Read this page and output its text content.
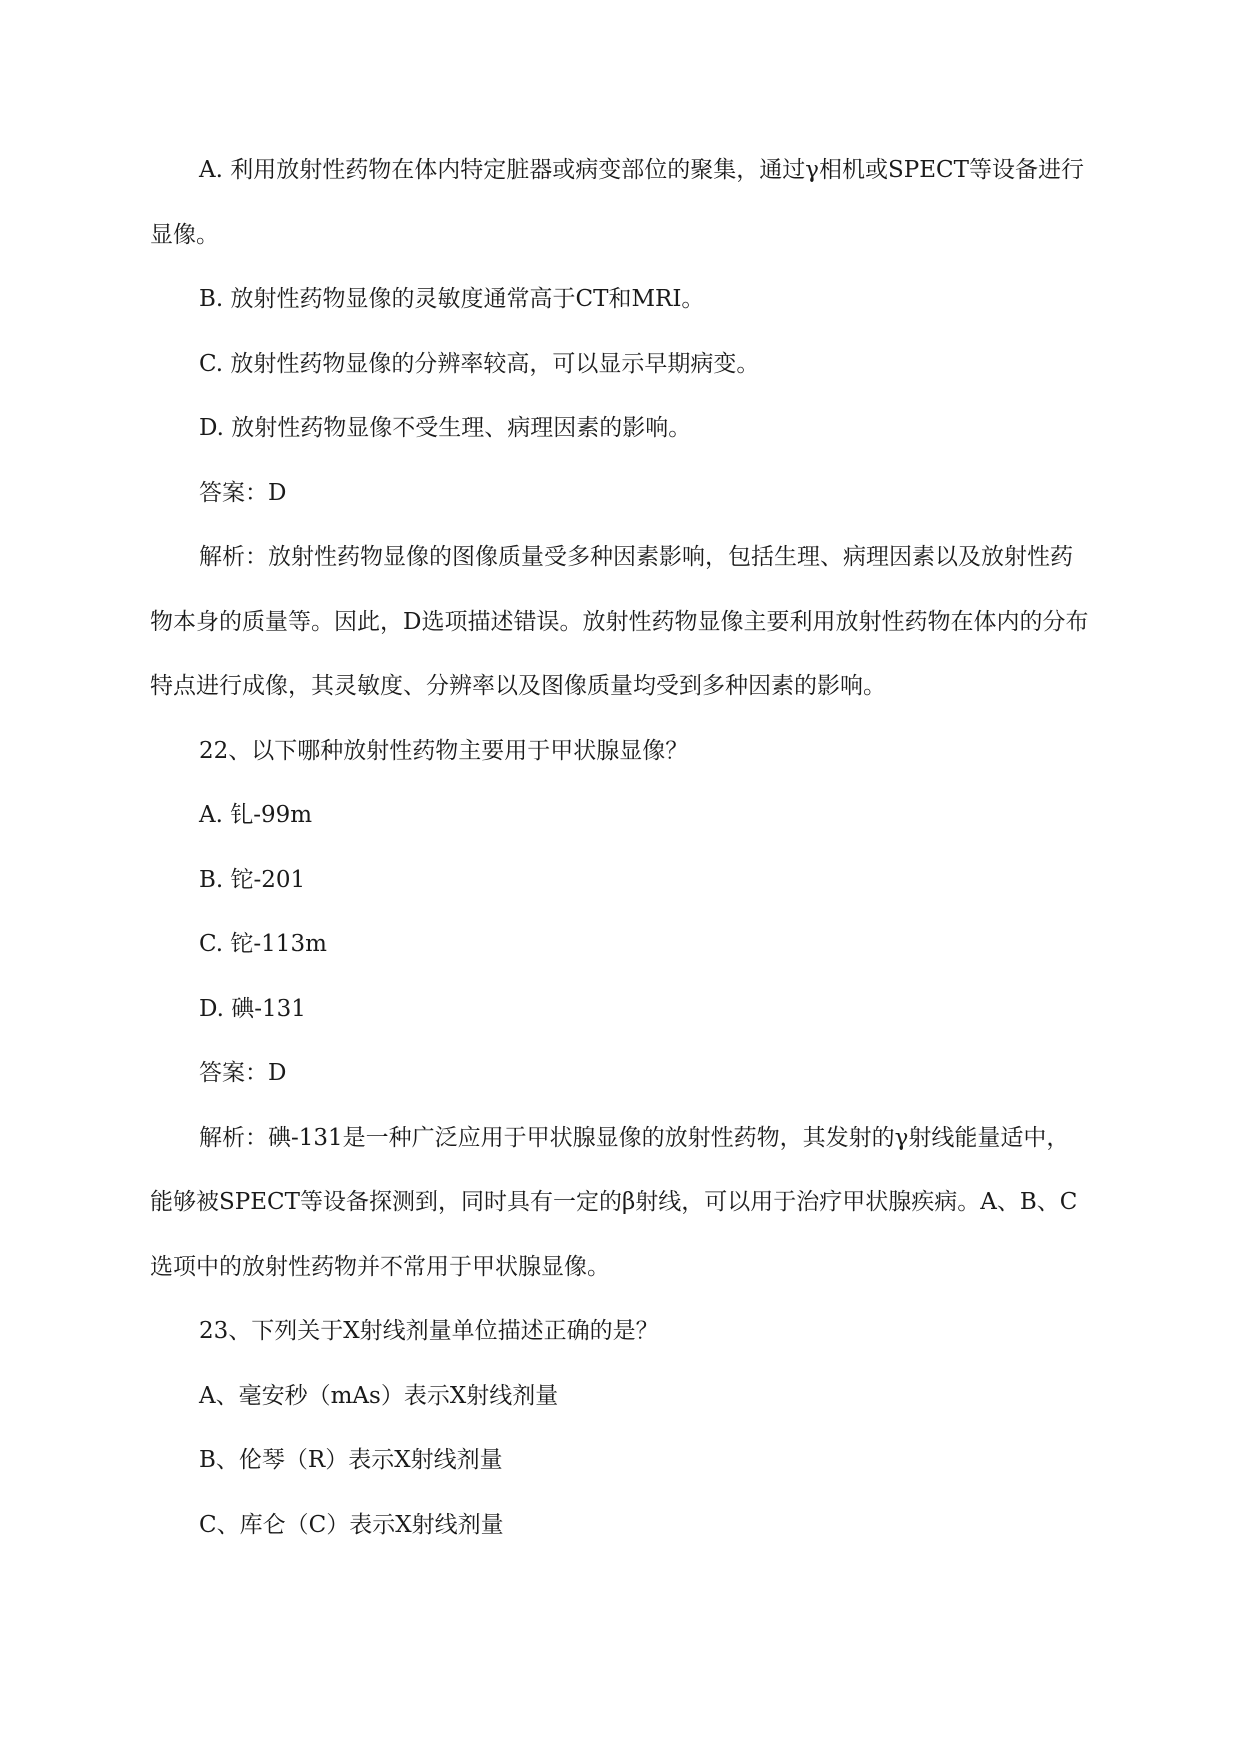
A. 利用放射性药物在体内特定脏器或病变部位的聚集，通过γ相机或SPECT等设备进行显像。

B. 放射性药物显像的灵敏度通常高于CT和MRI。

C. 放射性药物显像的分辨率较高，可以显示早期病变。

D. 放射性药物显像不受生理、病理因素的影响。

答案：D

解析：放射性药物显像的图像质量受多种因素影响，包括生理、病理因素以及放射性药物本身的质量等。因此，D选项描述错误。放射性药物显像主要利用放射性药物在体内的分布特点进行成像，其灵敏度、分辨率以及图像质量均受到多种因素的影响。

22、以下哪种放射性药物主要用于甲状腺显像？

A. 钆-99m

B. 铊-201

C. 铊-113m

D. 碘-131

答案：D

解析：碘-131是一种广泛应用于甲状腺显像的放射性药物，其发射的γ射线能量适中，能够被SPECT等设备探测到，同时具有一定的β射线，可以用于治疗甲状腺疾病。A、B、C选项中的放射性药物并不常用于甲状腺显像。

23、下列关于X射线剂量单位描述正确的是？

A、毫安秒（mAs）表示X射线剂量

B、伦琴（R）表示X射线剂量

C、库仑（C）表示X射线剂量
